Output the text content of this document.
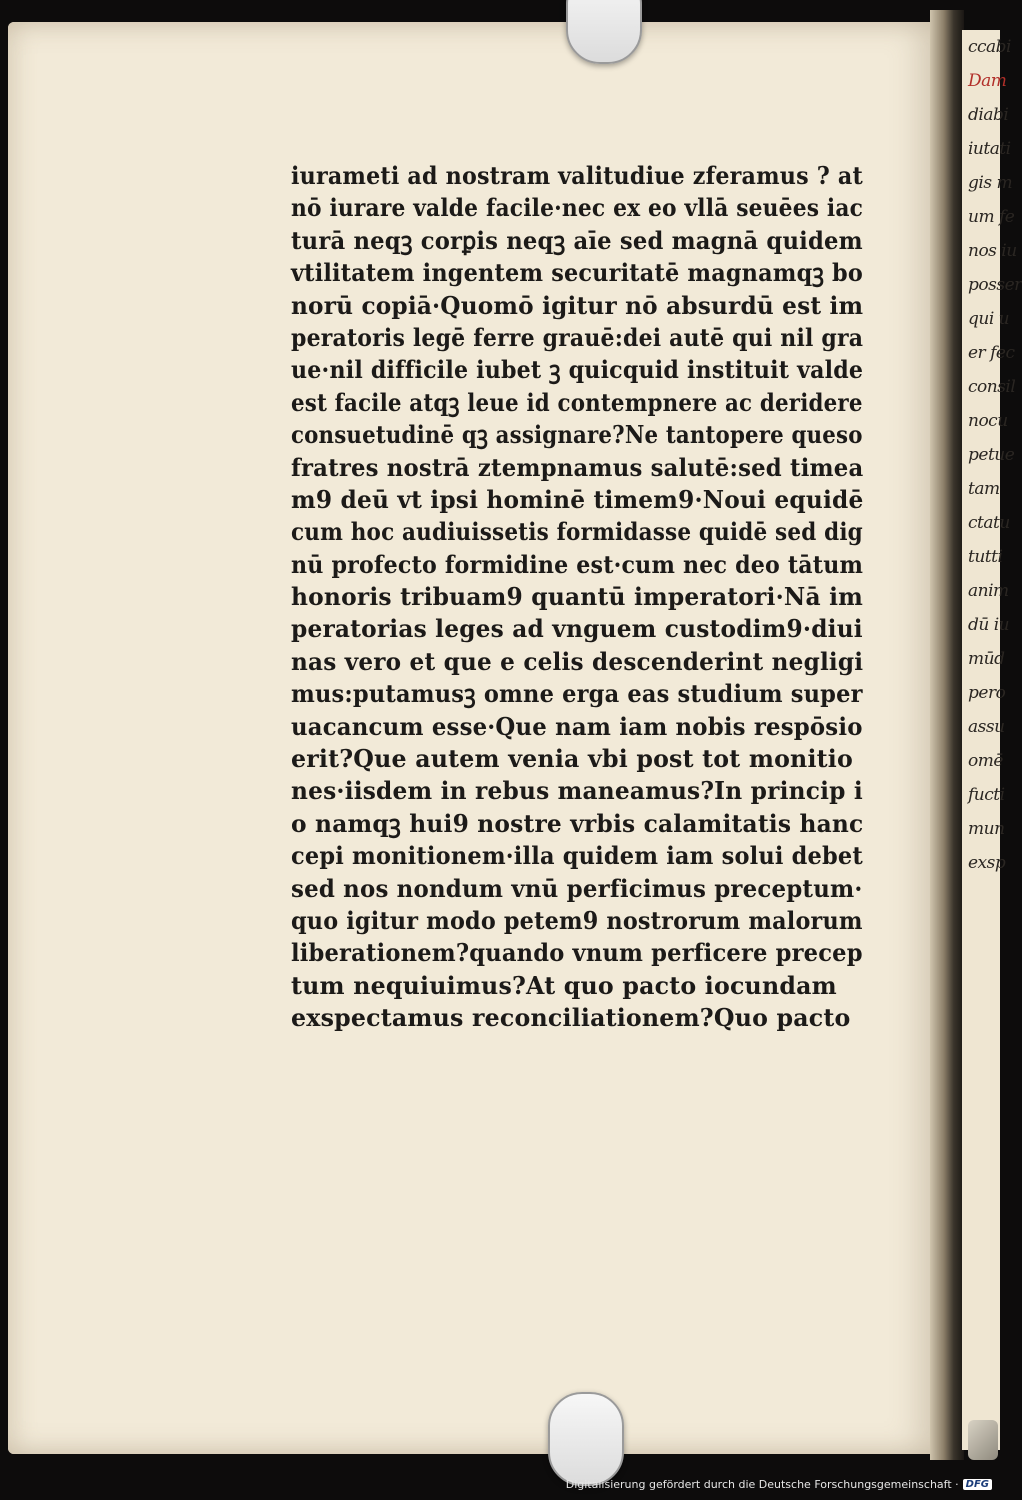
ccabi
Dam
diabi
iutati
gis m
um fe
nos iu
posser
qui u
er fec
consil
nocu
petue
tam
ctatu
tutti
anim
dū iu
mūd
pero
assu
omē
fucti
mun
exsp
iurameti ad nostram valitudiue zferamus ? at
nō iurare valde facile·nec ex eo vllā seuēes iac
turā neqꝫ corꝑis neqꝫ aīe sed magnā quidem
vtilitatem ingentem securitatē magnamqꝫ bo
norū copiā·Quomō igitur nō absurdū est im
peratoris legē ferre grauē:dei autē qui nil gra
ue·nil difficile iubet ꝫ quicquid instituit valde
est facile atqꝫ leue id contempnere ac deridere
consuetudinē qꝫ assignare?Ne tantopere queso
fratres nostrā ztempnamus salutē:sed timea
m9 deū vt ipsi hominē timem9·Noui equidē
cum hoc audiuissetis formidasse quidē sed dig
nū profecto formidine est·cum nec deo tātum
honoris tribuam9 quantū imperatori·Nā im
peratorias leges ad vnguem custodim9·diui
nas vero et que e celis descenderint negligi
mus:putamusꝫ omne erga eas studium super
uacancum esse·Que nam iam nobis respōsio
erit?Que autem venia vbi post tot monitio
nes·iisdem in rebus maneamus?In princip i
o namqꝫ hui9 nostre vrbis calamitatis hanc
cepi monitionem·illa quidem iam solui debet
sed nos nondum vnū perficimus preceptum·
quo igitur modo petem9 nostrorum malorum
liberationem?quando vnum perficere precep
tum nequiuimus?At quo pacto iocundam
exspectamus reconciliationem?Quo pacto
Digitalisierung gefördert durch die Deutsche Forschungsgemeinschaft · DFG
